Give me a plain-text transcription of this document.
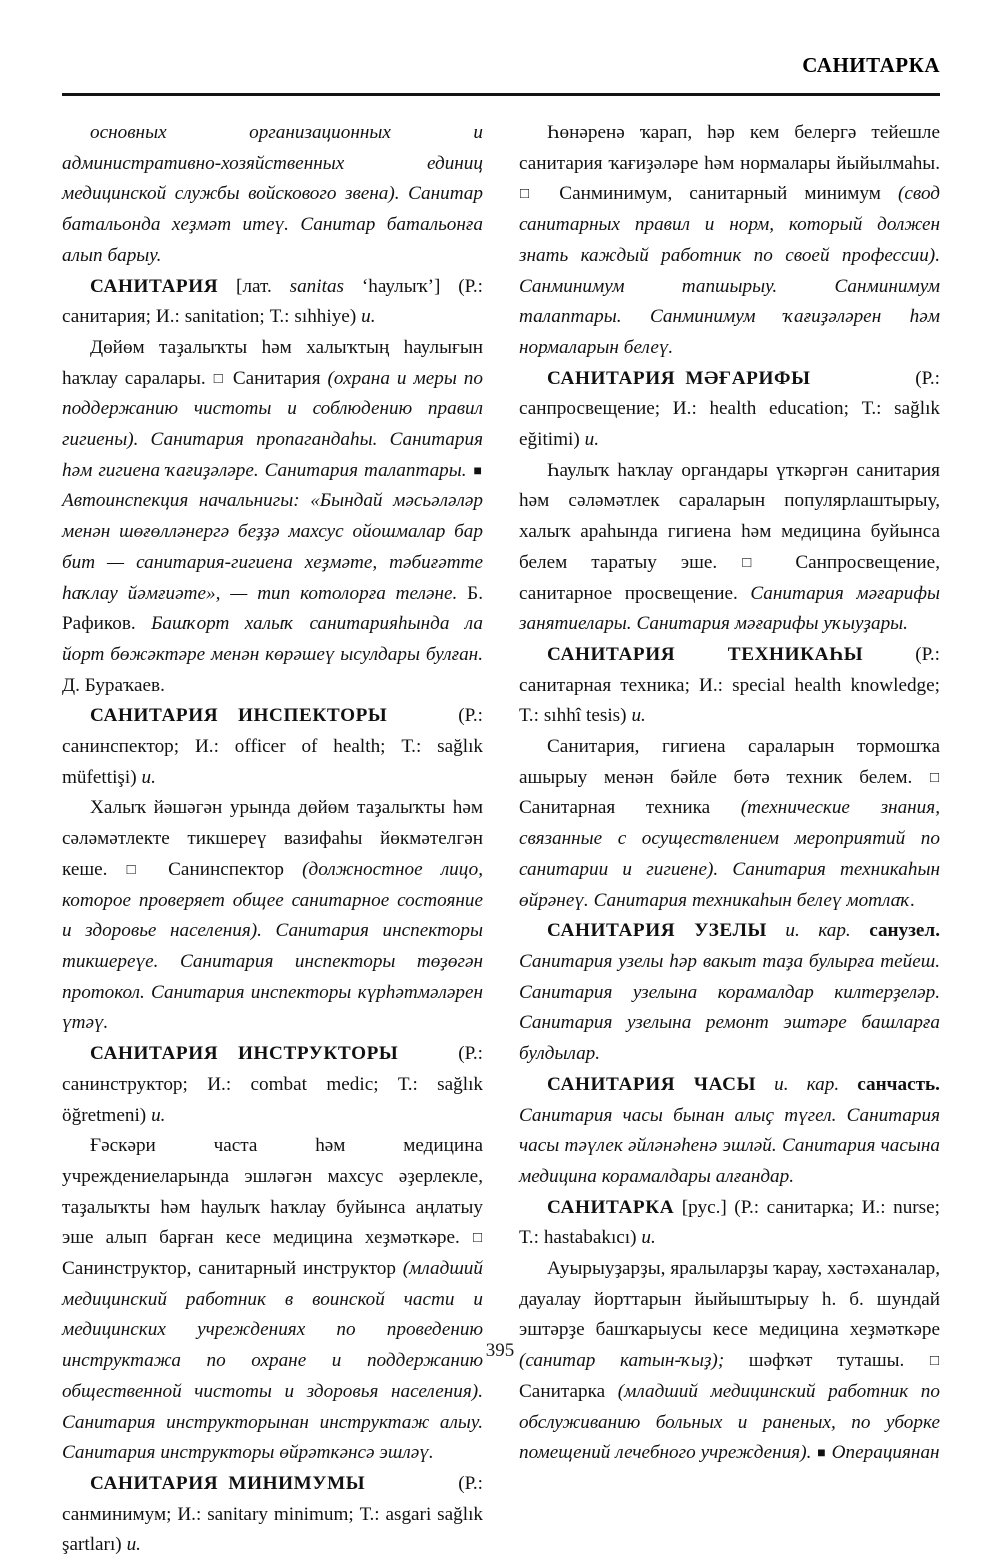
САНИТАРКА

основных организационных и административно-хозяйственных единиц медицинской службы войскового звена). Санитар батальонда хеҙмәт итеү. Санитар батальонға алып барыу.

САНИТАРИЯ [лат. sanitas ‘һаулыҡ’] (Р.: санитария; И.: sanitation; Т.: sıhhiye) и.

Дөйөм таҙалыҡты һәм халыҡтың һаулығын һаҡлау саралары. □ Санитария (охрана и меры по поддержанию чистоты и соблюдению правил гигиены). Санитария пропагандаһы. Санитария һәм гигиена ҡағиҙәләре. Санитария талаптары. ■ Автоинспекция начальнигы: «Бындай мәсьәләләр менән шөғөлләнергә беҙҙә махсус ойошмалар бар бит — санитария-гигиена хеҙмәте, тәбиғәтте һаҡлау йәмғиәте», — тип котолорға теләне. Б. Рафиков. Башҡорт халыҡ санитарияһында ла йорт бөжәктәре менән көрәшеү ысулдары булған. Д. Бураҡаев.

САНИТАРИЯ ИНСПЕКТОРЫ (Р.: санинспектор; И.: officer of health; Т.: sağlık müfettişi) и.

Халыҡ йәшәгән урында дөйөм таҙалыҡты һәм сәләмәтлекте тикшереү вазифаһы йөкмәтелгән кеше. □ Санинспектор (должностное лицо, которое проверяет общее санитарное состояние и здоровье населения). Санитария инспекторы тикшереүе. Санитария инспекторы төҙөгән протокол. Санитария инспекторы күрһәтмәләрен үтәү.

САНИТАРИЯ ИНСТРУКТОРЫ (Р.: санинструктор; И.: combat medic; Т.: sağlık öğretmeni) и.

Ғәскәри часта һәм медицина учреждениеларында эшләгән махсус әҙерлекле, таҙалыҡты һәм һаулыҡ һаҡлау буйынса аңлатыу эше алып барған кесе медицина хеҙмәткәре. □ Санинструктор, санитарный инструктор (младший медицинский работник в воинской части и медицинских учреждениях по проведению инструктажа по охране и поддержанию общественной чистоты и здоровья населения). Санитария инструкторынан инструктаж алыу. Санитария инструкторы өйрәткәнсә эшләү.

САНИТАРИЯ МИНИМУМЫ (Р.: санминимум; И.: sanitary minimum; Т.: asgari sağlık şartları) и.

Һөнәренә ҡарап, һәр кем белергә тейешле санитария ҡағиҙәләре һәм нормалары йыйылмаһы. □ Санминимум, санитарный минимум (свод санитарных правил и норм, который должен знать каждый работник по своей профессии). Санминимум тапшырыу. Санминимум талаптары. Санминимум ҡағиҙәләрен һәм нормаларын белеү.

САНИТАРИЯ МӘҒАРИФЫ (Р.: санпросвещение; И.: health education; Т.: sağlık eğitimi) и.

Һаулыҡ һаҡлау органдары үткәргән санитария һәм сәләмәтлек сараларын популярлаштырыу, халыҡ араһында гигиена һәм медицина буйынса белем таратыу эше. □ Санпросвещение, санитарное просвещение. Санитария мәғарифы занятиелары. Санитария мәғарифы уҡыуҙары.

САНИТАРИЯ ТЕХНИКАҺЫ (Р.: санитарная техника; И.: special health knowledge; Т.: sıhhî tesis) и.

Санитария, гигиена сараларын тормошҡа ашырыу менән бәйле бөтә техник белем. □ Санитарная техника (технические знания, связанные с осуществлением мероприятий по санитарии и гигиене). Санитария техникаһын өйрәнеү. Санитария техникаһын белеү мотлаҡ.

САНИТАРИЯ УЗЕЛЫ и. кар. санузел. Санитария узелы һәр вакыт таҙа булырға тейеш. Санитария узелына корамалдар килтерҙеләр. Санитария узелына ремонт эштәре башларға булдылар.

САНИТАРИЯ ЧАСЫ и. кар. санчасть. Санитария часы бынан алыҫ түгел. Санитария часы тәүлек әйләнәһенә эшләй. Санитария часына медицина корамалдары алғандар.

САНИТАРКА [рус.] (Р.: санитарка; И.: nurse; Т.: hastabakıcı) и.

Ауырыуҙарҙы, яралыларҙы ҡарау, хәстәханалар, дауалау йорттарын йыйыштырыу һ. б. шундай эштәрҙе башҡарыусы кесе медицина хеҙмәткәре (санитар катын-ҡыҙ); шәфҡәт туташы. □ Санитарка (младший медицинский работник по обслуживанию больных и раненых, по уборке помещений лечебного учреждения). ■ Операциянан

395
